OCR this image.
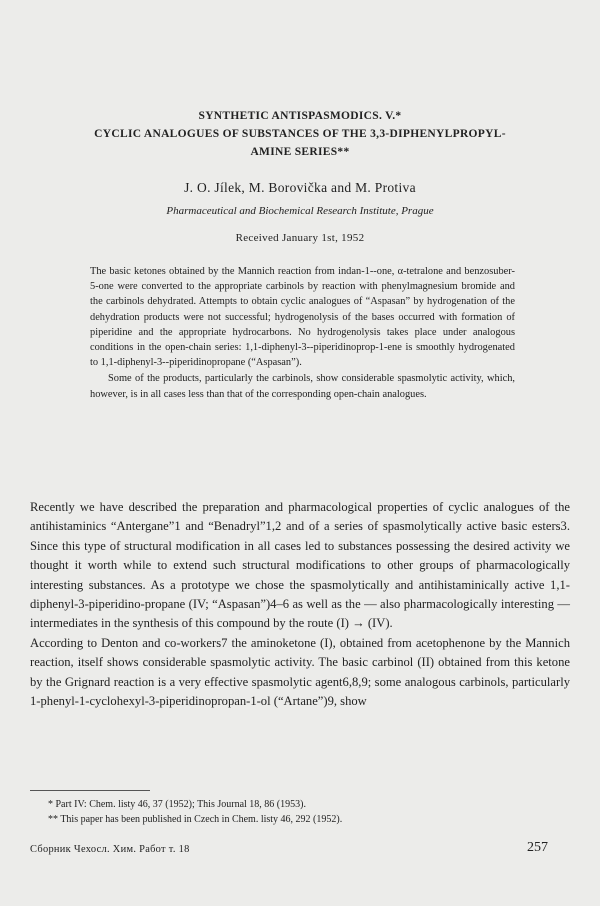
SYNTHETIC ANTISPASMODICS. V.*
CYCLIC ANALOGUES OF SUBSTANCES OF THE 3,3-DIPHENYLPROPYL-
AMINE SERIES**
J. O. Jílek, M. Borovička and M. Protiva
Pharmaceutical and Biochemical Research Institute, Prague
Received January 1st, 1952

The basic ketones obtained by the Mannich reaction from indan-1--one, α-tetralone and benzosuber-5-one were converted to the appropriate carbinols by reaction with phenylmagnesium bromide and the carbinols dehydrated. Attempts to obtain cyclic analogues of “Aspasan” by hydrogenation of the dehydration products were not successful; hydrogenolysis of the bases occurred with formation of piperidine and the appropriate hydrocarbons. No hydrogenolysis takes place under analogous conditions in the open-chain series: 1,1-diphenyl-3--piperidinoprop-1-ene is smoothly hydrogenated to 1,1-diphenyl-3--piperidinopropane (“Aspasan”).

Some of the products, particularly the carbinols, show considerable spasmolytic activity, which, however, is in all cases less than that of the corresponding open-chain analogues.

Recently we have described the preparation and pharmacological properties of cyclic analogues of the antihistaminics “Antergane”1 and “Benadryl”1,2 and of a series of spasmolytically active basic esters3. Since this type of structural modification in all cases led to substances possessing the desired activity we thought it worth while to extend such structural modifications to other groups of pharmacologically interesting substances. As a prototype we chose the spasmolytically and antihistaminically active 1,1-diphenyl-3-piperidino-propane (IV; “Aspasan”)4–6 as well as the — also pharmacologically interesting — intermediates in the synthesis of this compound by the route (I) → (IV).

According to Denton and co-workers7 the aminoketone (I), obtained from acetophenone by the Mannich reaction, itself shows considerable spasmolytic activity. The basic carbinol (II) obtained from this ketone by the Grignard reaction is a very effective spasmolytic agent6,8,9; some analogous carbinols, particularly 1-phenyl-1-cyclohexyl-3-piperidinopropan-1-ol (“Artane”)9, show

* Part IV: Chem. listy 46, 37 (1952); This Journal 18, 86 (1953).

** This paper has been published in Czech in Chem. listy 46, 292 (1952).

Сборник Чехосл. Хим. Работ т. 18	257
